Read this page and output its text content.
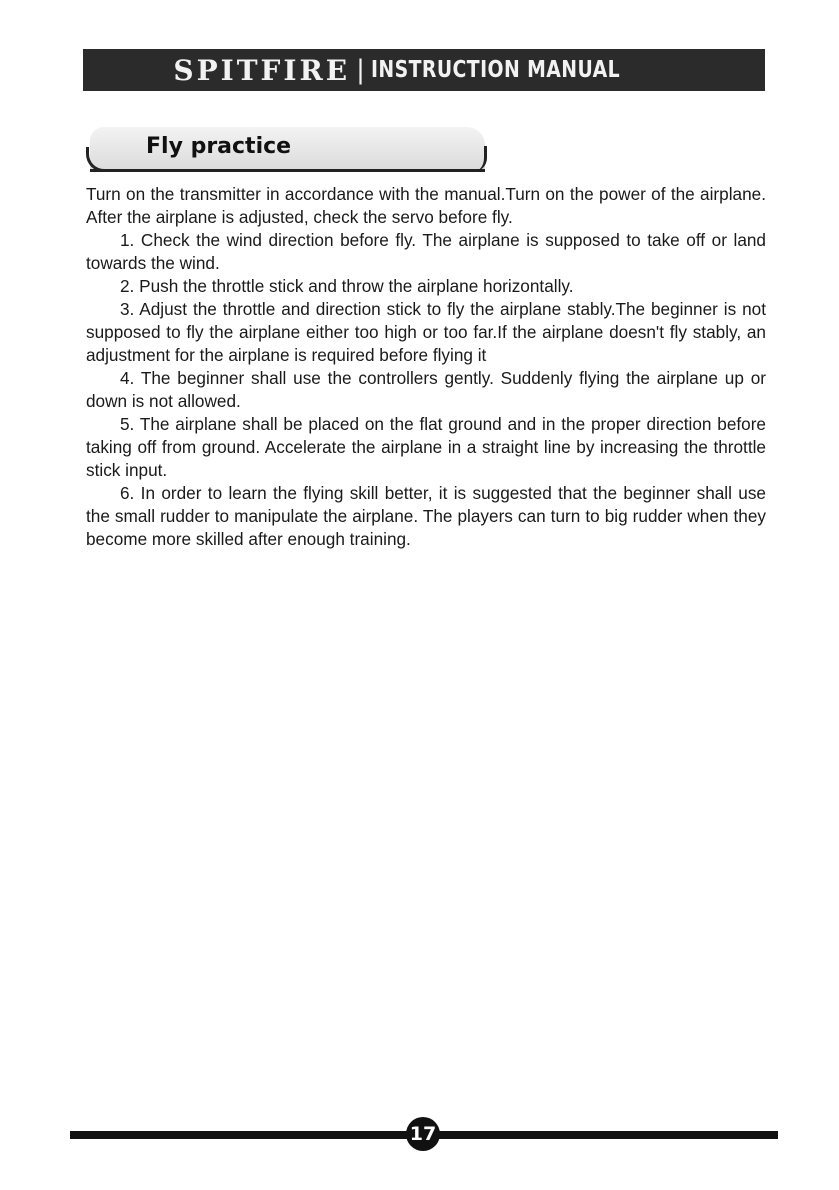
SPITFIRE | INSTRUCTION MANUAL
Fly practice

Turn on the transmitter in accordance with the manual.Turn on the power of the airplane. After the airplane is adjusted, check the servo before fly.

1. Check the wind direction before fly. The airplane is supposed to take off or land towards the wind.

2. Push the throttle stick and throw the airplane horizontally.

3. Adjust the throttle and direction stick to fly the airplane stably.The beginner is not supposed to fly the airplane either too high or too far.If the airplane doesn't fly stably, an adjustment for the airplane is required before flying it

4. The beginner shall use the controllers gently. Suddenly flying the airplane up or down is not allowed.

5. The airplane shall be placed on the flat ground and in the proper direction before taking off from ground. Accelerate the airplane in a straight line by increasing the throttle stick input.

6. In order to learn the flying skill better, it is suggested that the beginner shall use the small rudder to manipulate the airplane. The players can turn to big rudder when they become more skilled after enough training.

17
